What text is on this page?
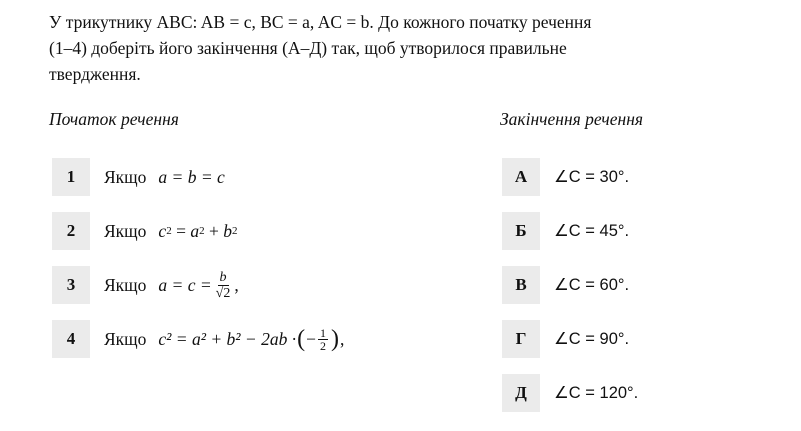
У трикутнику ABC: AB = c, BC = a, AC = b. До кожного початку речення

(1–4) доберіть його закінчення (А–Д) так, щоб утворилося правильне

твердження.

Початок речення	Закінчення речення
1	Якщо a = b = c
2	Якщо c 2
=
a 2
+
b 2
3	Якщо $a = c = \frac{b}{√2}$ ,
4	Якщо c² = a² + b² − 2ab · ( − $\frac{1}{2}$ ) ,
А	∠C = 30°.
Б	∠C = 45°.
В	∠C = 60°.
Г	∠C = 90°.
Д	∠C = 120°.
